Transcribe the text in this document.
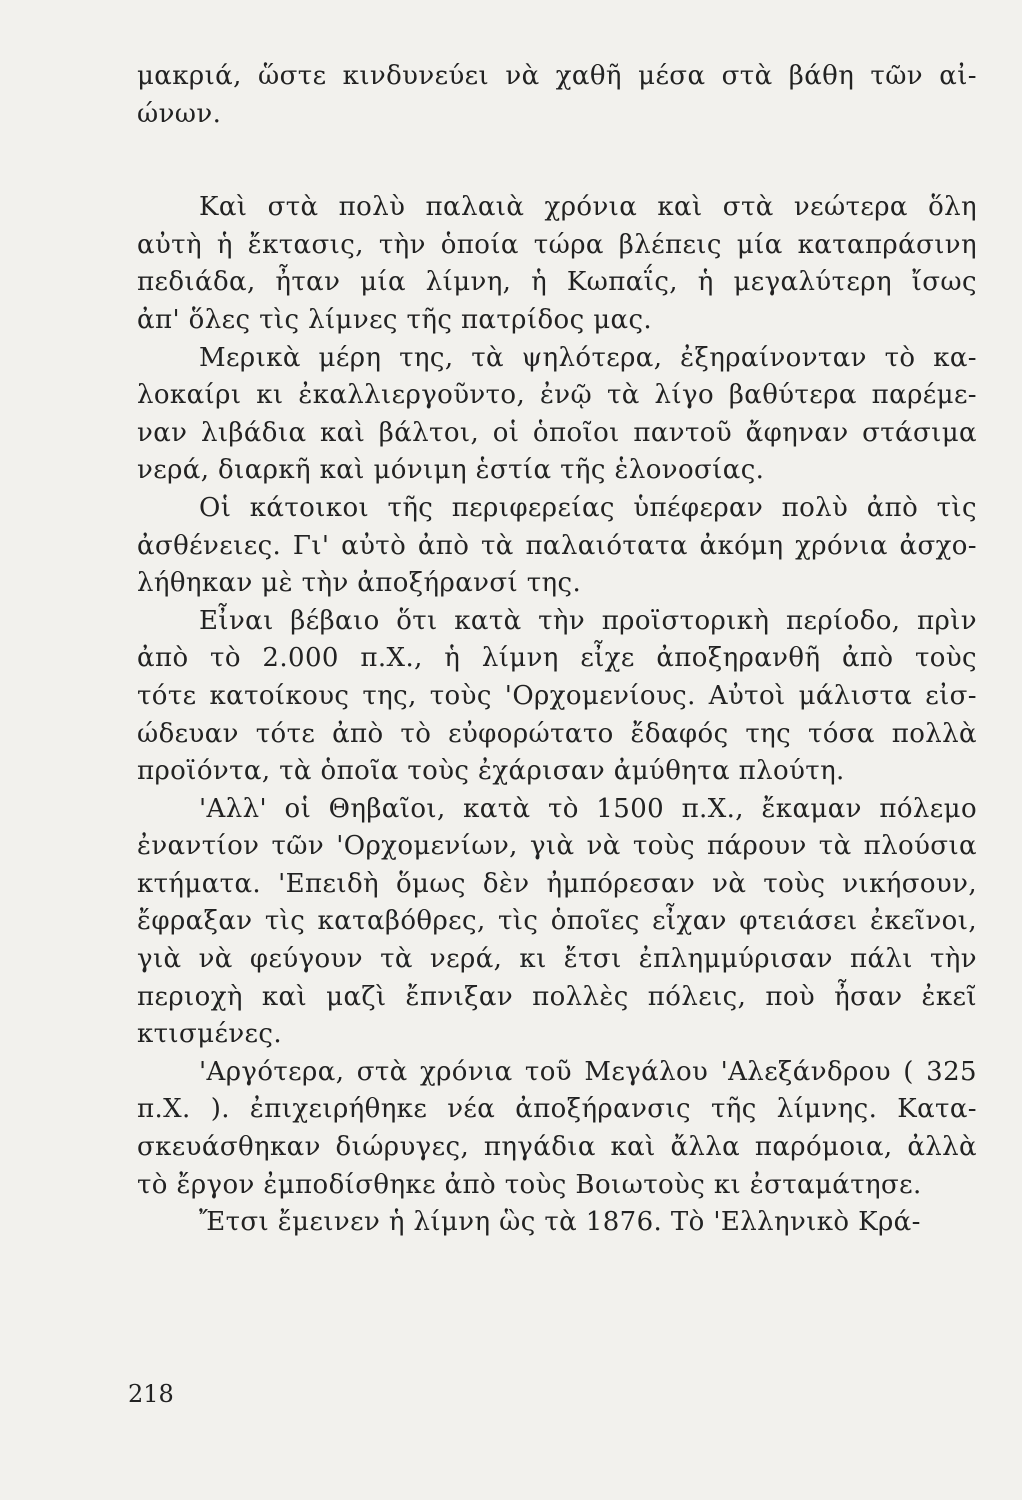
μακριά, ὥστε κινδυνεύει νὰ χαθῆ μέσα στὰ βάθη τῶν αἰ-
ώνων.
Καὶ στὰ πολὺ παλαιὰ χρόνια καὶ στὰ νεώτερα ὅλη
αὐτὴ ἡ ἔκτασις, τὴν ὁποία τώρα βλέπεις μία καταπράσινη
πεδιάδα, ἦταν μία λίμνη, ἡ Κωπαΐς, ἡ μεγαλύτερη ἴσως
ἀπ' ὅλες τὶς λίμνες τῆς πατρίδος μας.
Μερικὰ μέρη της, τὰ ψηλότερα, ἐξηραίνονταν τὸ κα-
λοκαίρι κι ἐκαλλιεργοῦντο, ἐνῷ τὰ λίγο βαθύτερα παρέμε-
ναν λιβάδια καὶ βάλτοι, οἱ ὁποῖοι παντοῦ ἄφηναν στάσιμα
νερά, διαρκῆ καὶ μόνιμη ἑστία τῆς ἑλονοσίας.
Οἱ κάτοικοι τῆς περιφερείας ὑπέφεραν πολὺ ἀπὸ τὶς
ἀσθένειες. Γι' αὐτὸ ἀπὸ τὰ παλαιότατα ἀκόμη χρόνια ἀσχο-
λήθηκαν μὲ τὴν ἀποξήρανσί της.
Εἶναι βέβαιο ὅτι κατὰ τὴν προϊστορικὴ περίοδο, πρὶν
ἀπὸ τὸ 2.000 π.Χ., ἡ λίμνη εἶχε ἀποξηρανθῆ ἀπὸ τοὺς
τότε κατοίκους της, τοὺς 'Ορχομενίους. Αὐτοὶ μάλιστα εἰσ-
ώδευαν τότε ἀπὸ τὸ εὐφορώτατο ἔδαφός της τόσα πολλὰ
προϊόντα, τὰ ὁποῖα τοὺς ἐχάρισαν ἀμύθητα πλούτη.
'Αλλ' οἱ Θηβαῖοι, κατὰ τὸ 1500 π.Χ., ἔκαμαν πόλεμο
ἐναντίον τῶν 'Ορχομενίων, γιὰ νὰ τοὺς πάρουν τὰ πλούσια
κτήματα. 'Επειδὴ ὅμως δὲν ἠμπόρεσαν νὰ τοὺς νικήσουν,
ἔφραξαν τὶς καταβόθρες, τὶς ὁποῖες εἶχαν φτειάσει ἐκεῖνοι,
γιὰ νὰ φεύγουν τὰ νερά, κι ἔτσι ἐπλημμύρισαν πάλι τὴν
περιοχὴ καὶ μαζὶ ἔπνιξαν πολλὲς πόλεις, ποὺ ἦσαν ἐκεῖ
κτισμένες.
'Αργότερα, στὰ χρόνια τοῦ Μεγάλου 'Αλεξάνδρου ( 325
π.Χ. ). ἐπιχειρήθηκε νέα ἀποξήρανσις τῆς λίμνης. Κατα-
σκευάσθηκαν διώρυγες, πηγάδια καὶ ἄλλα παρόμοια, ἀλλὰ
τὸ ἔργον ἐμποδίσθηκε ἀπὸ τοὺς Βοιωτοὺς κι ἐσταμάτησε.
Ἔτσι ἔμεινεν ἡ λίμνη ὣς τὰ 1876. Τὸ 'Ελληνικὸ Κρά-
218
